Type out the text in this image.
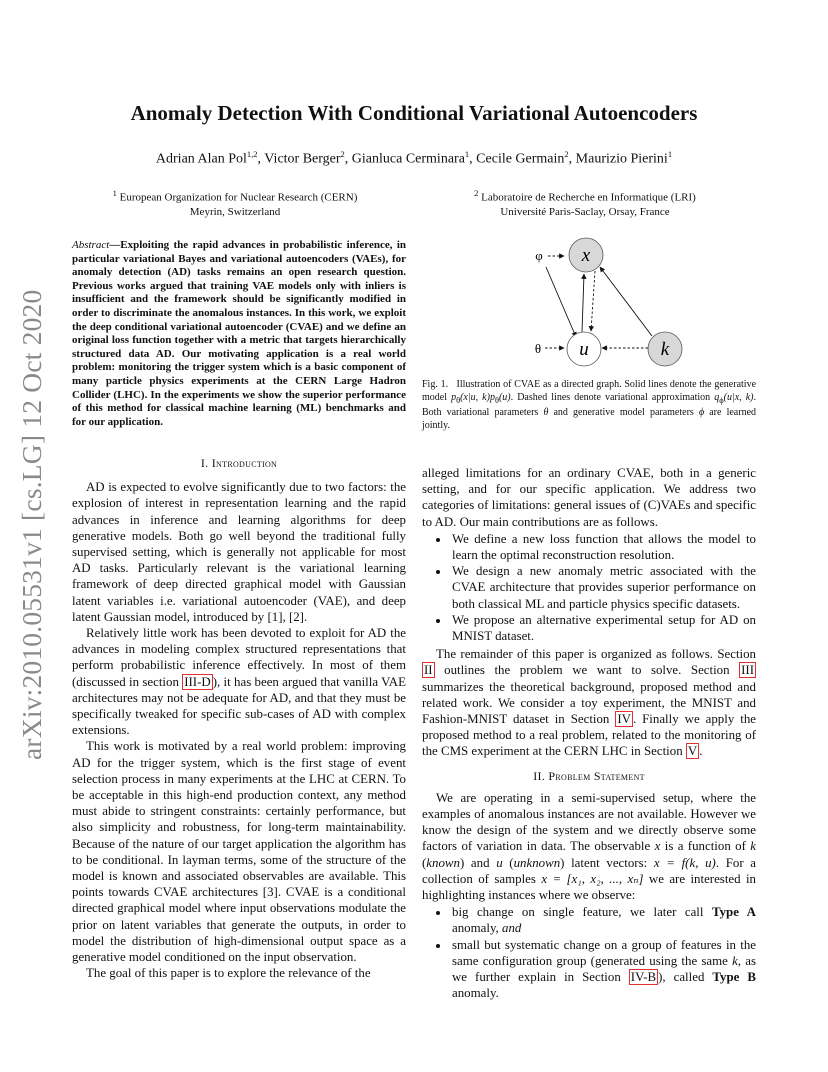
arXiv:2010.05531v1 [cs.LG] 12 Oct 2020
Anomaly Detection With Conditional Variational Autoencoders
Adrian Alan Pol$^{1,2}$, Victor Berger$^2$, Gianluca Cerminara$^1$, Cecile Germain$^2$, Maurizio Pierini$^1$
$^1$ European Organization for Nuclear Research (CERN)
Meyrin, Switzerland
$^2$ Laboratoire de Recherche en Informatique (LRI)
Université Paris-Saclay, Orsay, France
Abstract—Exploiting the rapid advances in probabilistic inference, in particular variational Bayes and variational autoencoders (VAEs), for anomaly detection (AD) tasks remains an open research question. Previous works argued that training VAE models only with inliers is insufficient and the framework should be significantly modified in order to discriminate the anomalous instances. In this work, we exploit the deep conditional variational autoencoder (CVAE) and we define an original loss function together with a metric that targets hierarchically structured data AD. Our motivating application is a real world problem: monitoring the trigger system which is a basic component of many particle physics experiments at the CERN Large Hadron Collider (LHC). In the experiments we show the superior performance of this method for classical machine learning (ML) benchmarks and for our application.
x
u	k
φ
θ
Fig. 1. Illustration of CVAE as a directed graph. Solid lines denote the generative model $p_\theta(x|u$, $k)p_\theta(u)$. Dashed lines denote variational approximation $q_\phi(u|x$, k). Both variational parameters θ and generative model parameters ϕ are learned jointly.
I. Introduction

AD is expected to evolve significantly due to two factors: the explosion of interest in representation learning and the rapid advances in inference and learning algorithms for deep generative models. Both go well beyond the traditional fully supervised setting, which is generally not applicable for most AD tasks. Particularly relevant is the variational learning framework of deep directed graphical model with Gaussian latent variables i.e. variational autoencoder (VAE), and deep latent Gaussian model, introduced by [1], [2].

Relatively little work has been devoted to exploit for AD the advances in modeling complex structured representations that perform probabilistic inference effectively. In most of them (discussed in section III-D ), it has been argued that vanilla VAE architectures may not be adequate for AD, and that they must be specifically tweaked for specific sub-cases of AD with complex extensions.

This work is motivated by a real world problem: improving AD for the trigger system, which is the first stage of event selection process in many experiments at the LHC at CERN. To be acceptable in this high-end production context, any method must abide to stringent constraints: certainly performance, but also simplicity and robustness, for long-term maintainability. Because of the nature of our target application the algorithm has to be conditional. In layman terms, some of the structure of the model is known and associated observables are available. This points towards CVAE architectures [3]. CVAE is a conditional directed graphical model where input observations modulate the prior on latent variables that generate the outputs, in order to model the distribution of high-dimensional output space as a generative model conditioned on the input observation.

The goal of this paper is to explore the relevance of the

alleged limitations for an ordinary CVAE, both in a generic setting, and for our specific application. We address two categories of limitations: general issues of (C)VAEs and specific to AD. Our main contributions are as follows.

• We define a new loss function that allows the model to learn the optimal reconstruction resolution.
• We design a new anomaly metric associated with the CVAE architecture that provides superior performance on both classical ML and particle physics specific datasets.
• We propose an alternative experimental setup for AD on MNIST dataset.

The remainder of this paper is organized as follows. Section II outlines the problem we want to solve. Section III summarizes the theoretical background, proposed method and related work. We consider a toy experiment, the MNIST and Fashion-MNIST dataset in Section IV . Finally we apply the proposed method to a real problem, related to the monitoring of the CMS experiment at the CERN LHC in Section V .

II. Problem Statement

We are operating in a semi-supervised setup, where the examples of anomalous instances are not available. However we know the design of the system and we directly observe some factors of variation in data. The observable x is a function of k (known) and u (unknown) latent vectors: x = f(k, u). For a collection of samples x = [x₁, x₂, ..., xₙ] we are interested in highlighting instances where we observe:

• big change on single feature, we later call Type A anomaly, and
• small but systematic change on a group of features in the same configuration group (generated using the same k, as we further explain in Section IV-B ), called Type B anomaly.
